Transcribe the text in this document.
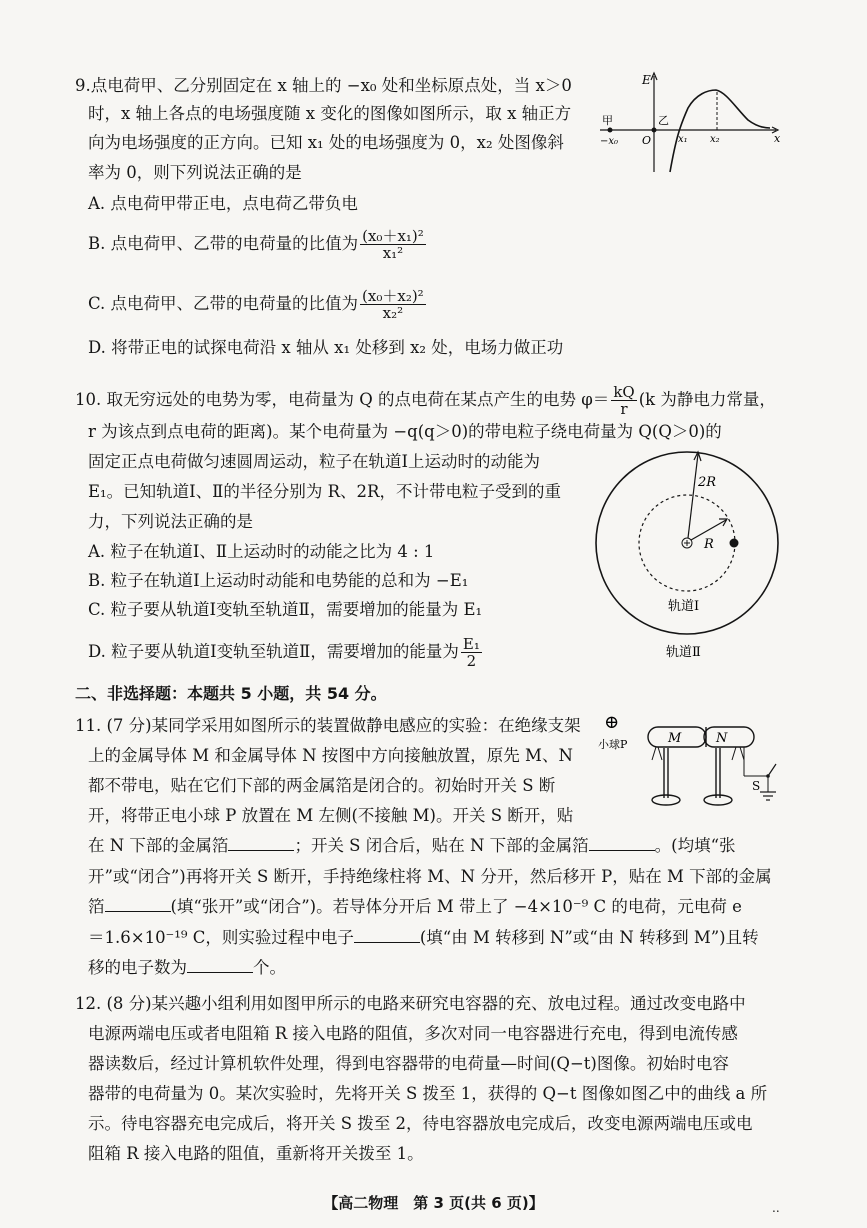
9.点电荷甲、乙分别固定在 x 轴上的 −x₀ 处和坐标原点处，当 x＞0
时，x 轴上各点的电场强度随 x 变化的图像如图所示，取 x 轴正方
向为电场强度的正方向。已知 x₁ 处的电场强度为 0，x₂ 处图像斜
率为 0，则下列说法正确的是
A. 点电荷甲带正电，点电荷乙带负电
B. 点电荷甲、乙带的电荷量的比值为 $\frac{\text{(x₀＋x₁)²}}{\text{x₁²}}$
C. 点电荷甲、乙带的电荷量的比值为 $\frac{\text{(x₀＋x₂)²}}{\text{x₂²}}$
D. 将带正电的试探电荷沿 x 轴从 x₁ 处移到 x₂ 处，电场力做正功
E
甲	乙
−x₀ O	x₁ x₂	x
10. 取无穷远处的电势为零，电荷量为 Q 的点电荷在某点产生的电势 $\varphi= \frac{kQ}{r} (k$ 为静电力常量，
r 为该点到点电荷的距离)。某个电荷量为 −q(q＞0)的带电粒子绕电荷量为 Q(Q＞0)的
固定正点电荷做匀速圆周运动，粒子在轨道Ⅰ上运动时的动能为
E₁。已知轨道Ⅰ、Ⅱ的半径分别为 R、2R，不计带电粒子受到的重
力，下列说法正确的是
A. 粒子在轨道Ⅰ、Ⅱ上运动时的动能之比为 4 : 1
B. 粒子在轨道Ⅰ上运动时动能和电势能的总和为 −E₁
C. 粒子要从轨道Ⅰ变轨至轨道Ⅱ，需要增加的能量为 E₁
D. 粒子要从轨道Ⅰ变轨至轨道Ⅱ，需要增加的能量为 $\frac{\text{E₁}}{2}$
2R
R
轨道Ⅰ
轨道Ⅱ
二、非选择题：本题共 5 小题，共 54 分。
11. (7 分)某同学采用如图所示的装置做静电感应的实验：在绝缘支架
上的金属导体 M 和金属导体 N 按图中方向接触放置，原先 M、N
都不带电，贴在它们下部的两金属箔是闭合的。初始时开关 S 断
开，将带正电小球 P 放置在 M 左侧(不接触 M)。开关 S 断开，贴
在 N 下部的金属箔	；开关 S 闭合后，贴在 N 下部的金属箔	。(均填“张
开”或“闭合”)再将开关 S 断开，手持绝缘柱将 M、N 分开，然后移开 P，贴在 M 下部的金属
箔	(填“张开”或“闭合”)。若导体分开后 M 带上了 −4×10⁻⁹ C 的电荷，元电荷 e
＝1.6×10⁻¹⁹ C，则实验过程中电子	(填“由 M 转移到 N”或“由 N 转移到 M”)且转
移的电子数为	个。
⊕
小球P	M	N
S
12. (8 分)某兴趣小组利用如图甲所示的电路来研究电容器的充、放电过程。通过改变电路中
电源两端电压或者电阻箱 R 接入电路的阻值，多次对同一电容器进行充电，得到电流传感
器读数后，经过计算机软件处理，得到电容器带的电荷量—时间(Q−t)图像。初始时电容
器带的电荷量为 0。某次实验时，先将开关 S 拨至 1，获得的 Q−t 图像如图乙中的曲线 a 所
示。待电容器充电完成后，将开关 S 拨至 2，待电容器放电完成后，改变电源两端电压或电
阻箱 R 接入电路的阻值，重新将开关拨至 1。
【高二物理　第 3 页(共 6 页)】	..
